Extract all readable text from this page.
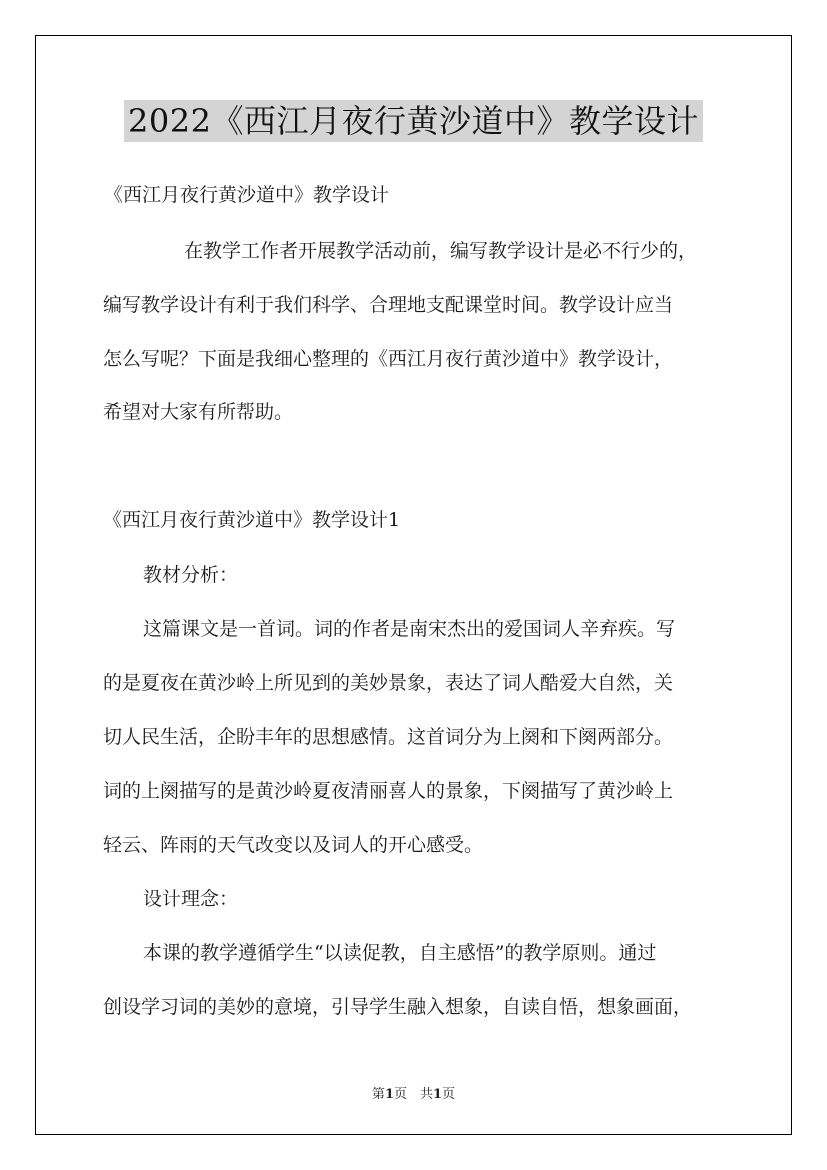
2022《西江月夜行黄沙道中》教学设计
《西江月夜行黄沙道中》教学设计
在教学工作者开展教学活动前，编写教学设计是必不行少的，
编写教学设计有利于我们科学、合理地支配课堂时间。教学设计应当
怎么写呢？下面是我细心整理的《西江月夜行黄沙道中》教学设计，
希望对大家有所帮助。
《西江月夜行黄沙道中》教学设计1
教材分析：
这篇课文是一首词。词的作者是南宋杰出的爱国词人辛弃疾。写
的是夏夜在黄沙岭上所见到的美妙景象，表达了词人酷爱大自然，关
切人民生活，企盼丰年的思想感情。这首词分为上阕和下阕两部分。
词的上阕描写的是黄沙岭夏夜清丽喜人的景象，下阕描写了黄沙岭上
轻云、阵雨的天气改变以及词人的开心感受。
设计理念：
本课的教学遵循学生“以读促教，自主感悟”的教学原则。通过
创设学习词的美妙的意境，引导学生融入想象，自读自悟，想象画面，
第1页　共1页
